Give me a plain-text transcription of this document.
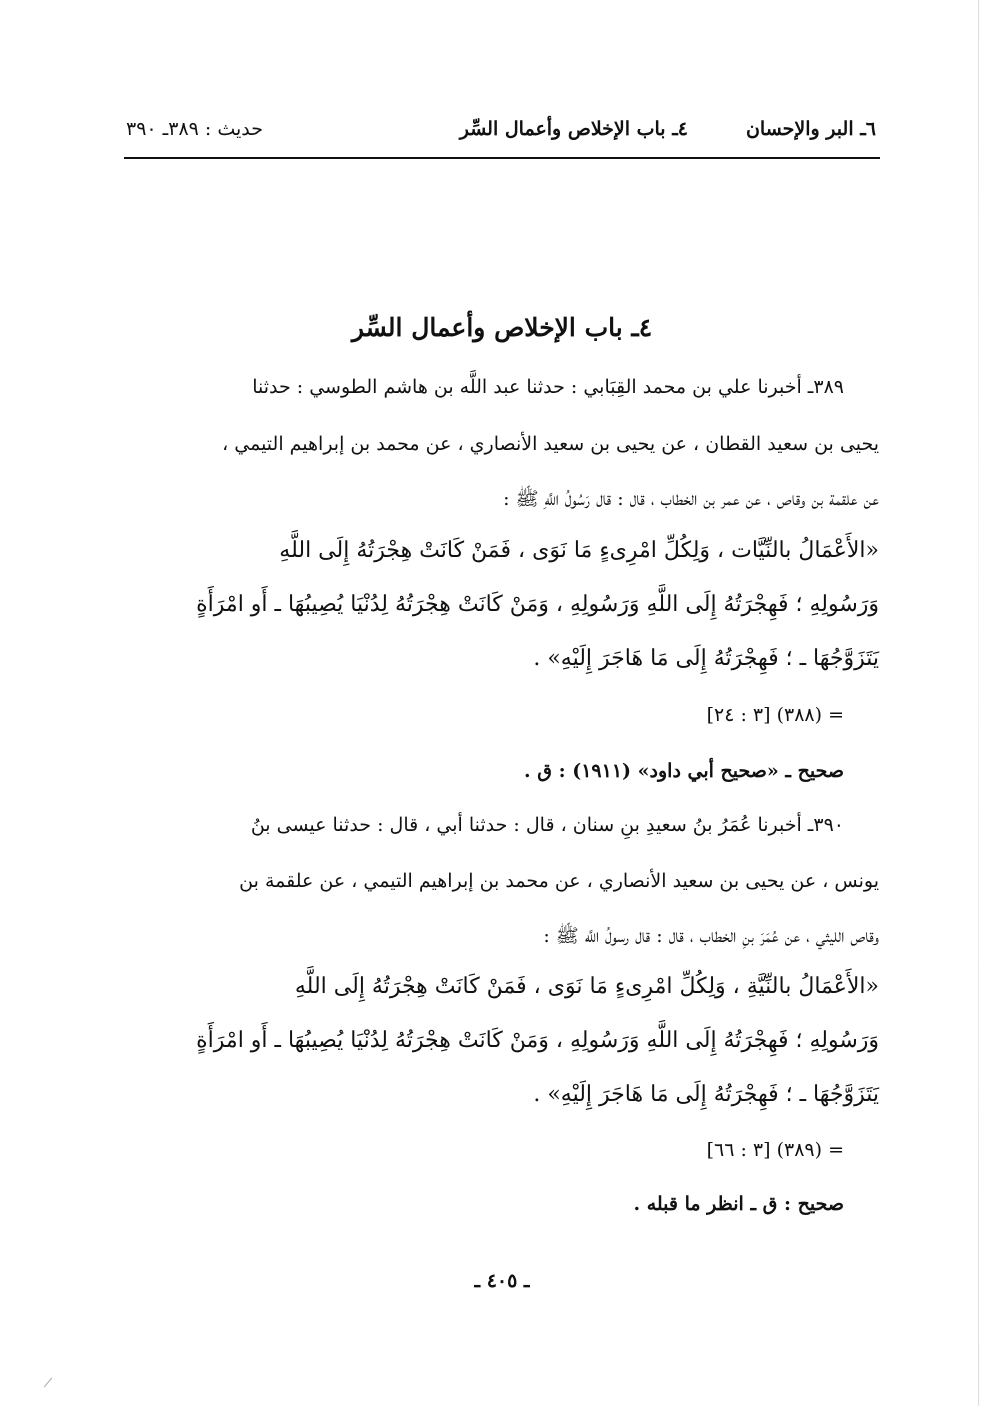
٦ـ البر والإحسان
٤ـ باب الإخلاص وأعمال السِّر
حديث : ٣٨٩ـ ٣٩٠
٤ـ باب الإخلاص وأعمال السِّر
٣٨٩ـ أخبرنا علي بن محمد القِبَابي : حدثنا عبد اللَّه بن هاشم الطوسي : حدثنا
يحيى بن سعيد القطان ، عن يحيى بن سعيد الأنصاري ، عن محمد بن إبراهيم التيمي ،
عن علقمة بن وقاص ، عن عمر بن الخطاب ، قال : قال رَسُولُ اللَّهِ ﷺ :
«الأَعْمَالُ بالنِّيَّات ، وَلِكُلِّ امْرِىءٍ مَا نَوَى ، فَمَنْ كَانَتْ هِجْرَتُهُ إِلَى اللَّهِ
وَرَسُولِهِ ؛ فَهِجْرَتُهُ إِلَى اللَّهِ وَرَسُولِهِ ، وَمَنْ كَانَتْ هِجْرَتُهُ لِدُنْيَا يُصِيبُهَا ـ أَو امْرَأَةٍ
يَتَزَوَّجُهَا ـ ؛ فَهِجْرَتُهُ إِلَى مَا هَاجَرَ إِلَيْهِ» .
= (٣٨٨) [٣ : ٢٤]
صحيح ـ «صحيح أبي داود» (١٩١١) : ق .
٣٩٠ـ أخبرنا عُمَرُ بنُ سعيدِ بنِ سنان ، قال : حدثنا أبي ، قال : حدثنا عيسى بنُ
يونس ، عن يحيى بن سعيد الأنصاري ، عن محمد بن إبراهيم التيمي ، عن علقمة بن
وقاص الليثي ، عن عُمَرَ بنِ الخطاب ، قال : قال رسولُ اللَّه ﷺ :
«الأَعْمَالُ بالنِّيَّةِ ، وَلِكُلِّ امْرِىءٍ مَا نَوَى ، فَمَنْ كَانَتْ هِجْرَتُهُ إِلَى اللَّهِ
وَرَسُولِهِ ؛ فَهِجْرَتُهُ إِلَى اللَّهِ وَرَسُولِهِ ، وَمَنْ كَانَتْ هِجْرَتُهُ لِدُنْيَا يُصِيبُهَا ـ أَو امْرَأَةٍ
يَتَزَوَّجُهَا ـ ؛ فَهِجْرَتُهُ إِلَى مَا هَاجَرَ إِلَيْهِ» .
= (٣٨٩) [٣ : ٦٦]
صحيح : ق ـ انظر ما قبله .
ـ ٤٠٥ ـ
